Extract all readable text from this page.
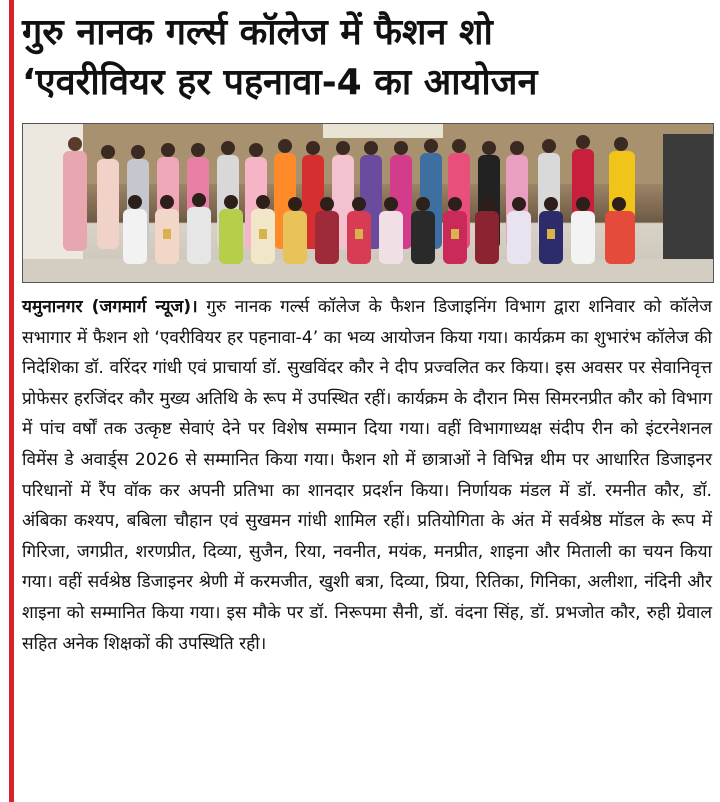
गुरु नानक गर्ल्स कॉलेज में फैशन शो
‘एवरीवियर हर पहनावा-4 का आयोजन

यमुनानगर (जगमार्ग न्यूज)। गुरु नानक गर्ल्स कॉलेज के फैशन डिजाइनिंग विभाग द्वारा शनिवार को कॉलेज सभागार में फैशन शो ‘एवरीवियर हर पहनावा-4’ का भव्य आयोजन किया गया। कार्यक्रम का शुभारंभ कॉलेज की निदेशिका डॉ. वरिंदर गांधी एवं प्राचार्या डॉ. सुखविंदर कौर ने दीप प्रज्वलित कर किया। इस अवसर पर सेवानिवृत्त प्रोफेसर हरजिंदर कौर मुख्य अतिथि के रूप में उपस्थित रहीं। कार्यक्रम के दौरान मिस सिमरनप्रीत कौर को विभाग में पांच वर्षों तक उत्कृष्ट सेवाएं देने पर विशेष सम्मान दिया गया। वहीं विभागाध्यक्ष संदीप रीन को इंटरनेशनल विमेंस डे अवार्ड्स 2026 से सम्मानित किया गया। फैशन शो में छात्राओं ने विभिन्न थीम पर आधारित डिजाइनर परिधानों में रैंप वॉक कर अपनी प्रतिभा का शानदार प्रदर्शन किया। निर्णायक मंडल में डॉ. रमनीत कौर, डॉ. अंबिका कश्यप, बबिला चौहान एवं सुखमन गांधी शामिल रहीं। प्रतियोगिता के अंत में सर्वश्रेष्ठ मॉडल के रूप में गिरिजा, जगप्रीत, शरणप्रीत, दिव्या, सुजैन, रिया, नवनीत, मयंक, मनप्रीत, शाइना और मिताली का चयन किया गया। वहीं सर्वश्रेष्ठ डिजाइनर श्रेणी में करमजीत, खुशी बत्रा, दिव्या, प्रिया, रितिका, गिनिका, अलीशा, नंदिनी और शाइना को सम्मानित किया गया। इस मौके पर डॉ. निरूपमा सैनी, डॉ. वंदना सिंह, डॉ. प्रभजोत कौर, रुही ग्रेवाल सहित अनेक शिक्षकों की उपस्थिति रही।
